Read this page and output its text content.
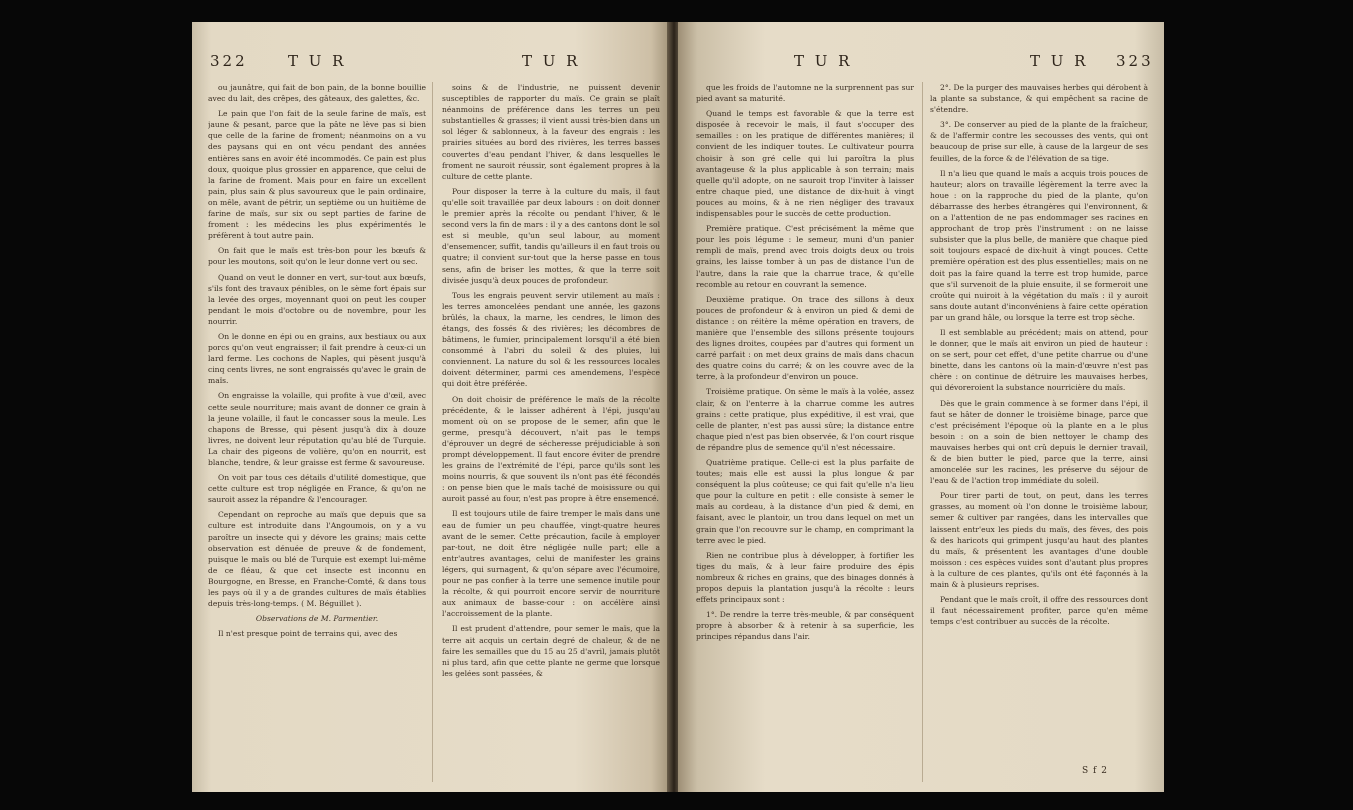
322	T U R	T U R

ou jaunâtre, qui fait de bon pain, de la bonne bouillie avec du lait, des crêpes, des gâteaux, des galettes, &c.

Le pain que l'on fait de la seule farine de maïs, est jaune & pesant, parce que la pâte ne lève pas si bien que celle de la farine de froment; néanmoins on a vu des paysans qui en ont vécu pendant des années entières sans en avoir été incommodés. Ce pain est plus doux, quoique plus grossier en apparence, que celui de la farine de froment. Mais pour en faire un excellent pain, plus sain & plus savoureux que le pain ordinaire, on mêle, avant de pétrir, un septième ou un huitième de farine de maïs, sur six ou sept parties de farine de froment : les médecins les plus expérimentés le préfèrent à tout autre pain.

On fait que le maïs est très-bon pour les bœufs & pour les moutons, soit qu'on le leur donne vert ou sec.

Quand on veut le donner en vert, sur-tout aux bœufs, s'ils font des travaux pénibles, on le sème fort épais sur la levée des orges, moyennant quoi on peut les couper pendant le mois d'octobre ou de novembre, pour les nourrir.

On le donne en épi ou en grains, aux bestiaux ou aux porcs qu'on veut engraisser; il fait prendre à ceux-ci un lard ferme. Les cochons de Naples, qui pèsent jusqu'à cinq cents livres, ne sont engraissés qu'avec le grain de maïs.

On engraisse la volaille, qui profite à vue d'œil, avec cette seule nourriture; mais avant de donner ce grain à la jeune volaille, il faut le concasser sous la meule. Les chapons de Bresse, qui pèsent jusqu'à dix à douze livres, ne doivent leur réputation qu'au blé de Turquie. La chair des pigeons de volière, qu'on en nourrit, est blanche, tendre, & leur graisse est ferme & savoureuse.

On voit par tous ces détails d'utilité domestique, que cette culture est trop négligée en France, & qu'on ne sauroit assez la répandre & l'encourager.

Cependant on reproche au maïs que depuis que sa culture est introduite dans l'Angoumois, on y a vu paroître un insecte qui y dévore les grains; mais cette observation est dénuée de preuve & de fondement, puisque le maïs ou blé de Turquie est exempt lui-même de ce fléau, & que cet insecte est inconnu en Bourgogne, en Bresse, en Franche-Comté, & dans tous les pays où il y a de grandes cultures de maïs établies depuis très-long-temps. ( M. Béguillet ).

Observations de M. Parmentier.

Il n'est presque point de terrains qui, avec des

soins & de l'industrie, ne puissent devenir susceptibles de rapporter du maïs. Ce grain se plaît néanmoins de préférence dans les terres un peu substantielles & grasses; il vient aussi très-bien dans un sol léger & sablonneux, à la faveur des engrais : les prairies situées au bord des rivières, les terres basses couvertes d'eau pendant l'hiver, & dans lesquelles le froment ne sauroit réussir, sont également propres à la culture de cette plante.

Pour disposer la terre à la culture du maïs, il faut qu'elle soit travaillée par deux labours : on doit donner le premier après la récolte ou pendant l'hiver, & le second vers la fin de mars : il y a des cantons dont le sol est si meuble, qu'un seul labour, au moment d'ensemencer, suffit, tandis qu'ailleurs il en faut trois ou quatre; il convient sur-tout que la herse passe en tous sens, afin de briser les mottes, & que la terre soit divisée jusqu'à deux pouces de profondeur.

Tous les engrais peuvent servir utilement au maïs : les terres amoncelées pendant une année, les gazons brûlés, la chaux, la marne, les cendres, le limon des étangs, des fossés & des rivières; les décombres de bâtimens, le fumier, principalement lorsqu'il a été bien consommé à l'abri du soleil & des pluies, lui conviennent. La nature du sol & les ressources locales doivent déterminer, parmi ces amendemens, l'espèce qui doit être préférée.

On doit choisir de préférence le maïs de la récolte précédente, & le laisser adhérent à l'épi, jusqu'au moment où on se propose de le semer, afin que le germe, presqu'à découvert, n'ait pas le temps d'éprouver un degré de sécheresse préjudiciable à son prompt développement. Il faut encore éviter de prendre les grains de l'extrémité de l'épi, parce qu'ils sont les moins nourris, & que souvent ils n'ont pas été fécondés : on pense bien que le maïs taché de moisissure ou qui auroit passé au four, n'est pas propre à être ensemencé.

Il est toujours utile de faire tremper le maïs dans une eau de fumier un peu chauffée, vingt-quatre heures avant de le semer. Cette précaution, facile à employer par-tout, ne doit être négligée nulle part; elle a entr'autres avantages, celui de manifester les grains légers, qui surnagent, & qu'on sépare avec l'écumoire, pour ne pas confier à la terre une semence inutile pour la récolte, & qui pourroit encore servir de nourriture aux animaux de basse-cour : on accélère ainsi l'accroissement de la plante.

Il est prudent d'attendre, pour semer le maïs, que la terre ait acquis un certain degré de chaleur, & de ne faire les semailles que du 15 au 25 d'avril, jamais plutôt ni plus tard, afin que cette plante ne germe que lorsque les gelées sont passées, &

T U R	T U R 323

que les froids de l'automne ne la surprennent pas sur pied avant sa maturité.

Quand le temps est favorable & que la terre est disposée à recevoir le maïs, il faut s'occuper des semailles : on les pratique de différentes manières; il convient de les indiquer toutes. Le cultivateur pourra choisir à son gré celle qui lui paroîtra la plus avantageuse & la plus applicable à son terrain; mais quelle qu'il adopte, on ne sauroit trop l'inviter à laisser entre chaque pied, une distance de dix-huit à vingt pouces au moins, & à ne rien négliger des travaux indispensables pour le succès de cette production.

Première pratique. C'est précisément la même que pour les pois légume : le semeur, muni d'un panier rempli de maïs, prend avec trois doigts deux ou trois grains, les laisse tomber à un pas de distance l'un de l'autre, dans la raie que la charrue trace, & qu'elle recomble au retour en couvrant la semence.

Deuxième pratique. On trace des sillons à deux pouces de profondeur & à environ un pied & demi de distance : on réitère la même opération en travers, de manière que l'ensemble des sillons présente toujours des lignes droites, coupées par d'autres qui forment un carré parfait : on met deux grains de maïs dans chacun des quatre coins du carré; & on les couvre avec de la terre, à la profondeur d'environ un pouce.

Troisième pratique. On sème le maïs à la volée, assez clair, & on l'enterre à la charrue comme les autres grains : cette pratique, plus expéditive, il est vrai, que celle de planter, n'est pas aussi sûre; la distance entre chaque pied n'est pas bien observée, & l'on court risque de répandre plus de semence qu'il n'est nécessaire.

Quatrième pratique. Celle-ci est la plus parfaite de toutes; mais elle est aussi la plus longue & par conséquent la plus coûteuse; ce qui fait qu'elle n'a lieu que pour la culture en petit : elle consiste à semer le maïs au cordeau, à la distance d'un pied & demi, en faisant, avec le plantoir, un trou dans lequel on met un grain que l'on recouvre sur le champ, en comprimant la terre avec le pied.

Rien ne contribue plus à développer, à fortifier les tiges du maïs, & à leur faire produire des épis nombreux & riches en grains, que des binages donnés à propos depuis la plantation jusqu'à la récolte : leurs effets principaux sont :

1°. De rendre la terre très-meuble, & par conséquent propre à absorber & à retenir à sa superficie, les principes répandus dans l'air.

2°. De la purger des mauvaises herbes qui dérobent à la plante sa substance, & qui empêchent sa racine de s'étendre.

3°. De conserver au pied de la plante de la fraîcheur, & de l'affermir contre les secousses des vents, qui ont beaucoup de prise sur elle, à cause de la largeur de ses feuilles, de la force & de l'élévation de sa tige.

Il n'a lieu que quand le maïs a acquis trois pouces de hauteur; alors on travaille légèrement la terre avec la houe : on la rapproche du pied de la plante, qu'on débarrasse des herbes étrangères qui l'environnent, & on a l'attention de ne pas endommager ses racines en approchant de trop près l'instrument : on ne laisse subsister que la plus belle, de manière que chaque pied soit toujours espacé de dix-huit à vingt pouces. Cette première opération est des plus essentielles; mais on ne doit pas la faire quand la terre est trop humide, parce que s'il survenoit de la pluie ensuite, il se formeroit une croûte qui nuiroit à la végétation du maïs : il y auroit sans doute autant d'inconvéniens à faire cette opération par un grand hâle, ou lorsque la terre est trop sèche.

Il est semblable au précédent; mais on attend, pour le donner, que le maïs ait environ un pied de hauteur : on se sert, pour cet effet, d'une petite charrue ou d'une binette, dans les cantons où la main-d'œuvre n'est pas chère : on continue de détruire les mauvaises herbes, qui dévoreroient la substance nourricière du maïs.

Dès que le grain commence à se former dans l'épi, il faut se hâter de donner le troisième binage, parce que c'est précisément l'époque où la plante en a le plus besoin : on a soin de bien nettoyer le champ des mauvaises herbes qui ont crû depuis le dernier travail, & de bien butter le pied, parce que la terre, ainsi amoncelée sur les racines, les préserve du séjour de l'eau & de l'action trop immédiate du soleil.

Pour tirer parti de tout, on peut, dans les terres grasses, au moment où l'on donne le troisième labour, semer & cultiver par rangées, dans les intervalles que laissent entr'eux les pieds du maïs, des fèves, des pois & des haricots qui grimpent jusqu'au haut des plantes du maïs, & présentent les avantages d'une double moisson : ces espèces vuides sont d'autant plus propres à la culture de ces plantes, qu'ils ont été façonnés à la main & à plusieurs reprises.

Pendant que le maïs croît, il offre des ressources dont il faut nécessairement profiter, parce qu'en même temps c'est contribuer au succès de la récolte.

S f 2
